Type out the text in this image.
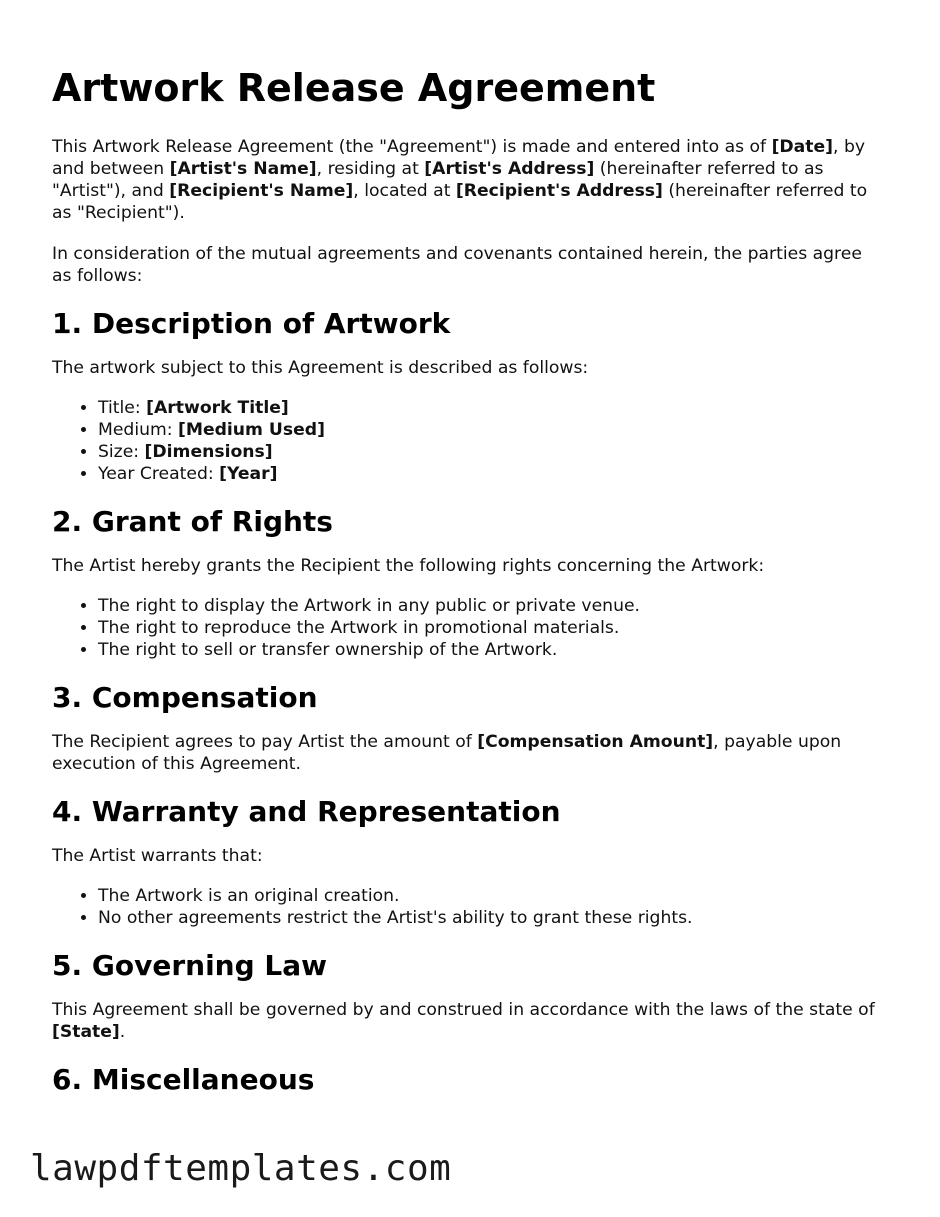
Artwork Release Agreement

This Artwork Release Agreement (the "Agreement") is made and entered into as of [Date], by and between [Artist's Name], residing at [Artist's Address] (hereinafter referred to as "Artist"), and [Recipient's Name], located at [Recipient's Address] (hereinafter referred to as "Recipient").

In consideration of the mutual agreements and covenants contained herein, the parties agree as follows:

1. Description of Artwork

The artwork subject to this Agreement is described as follows:

• Title: [Artwork Title]
• Medium: [Medium Used]
• Size: [Dimensions]
• Year Created: [Year]
2. Grant of Rights

The Artist hereby grants the Recipient the following rights concerning the Artwork:

• The right to display the Artwork in any public or private venue.
• The right to reproduce the Artwork in promotional materials.
• The right to sell or transfer ownership of the Artwork.
3. Compensation

The Recipient agrees to pay Artist the amount of [Compensation Amount], payable upon execution of this Agreement.

4. Warranty and Representation

The Artist warrants that:

• The Artwork is an original creation.
• No other agreements restrict the Artist's ability to grant these rights.
5. Governing Law

This Agreement shall be governed by and construed in accordance with the laws of the state of [State].

6. Miscellaneous
lawpdftemplates.com
